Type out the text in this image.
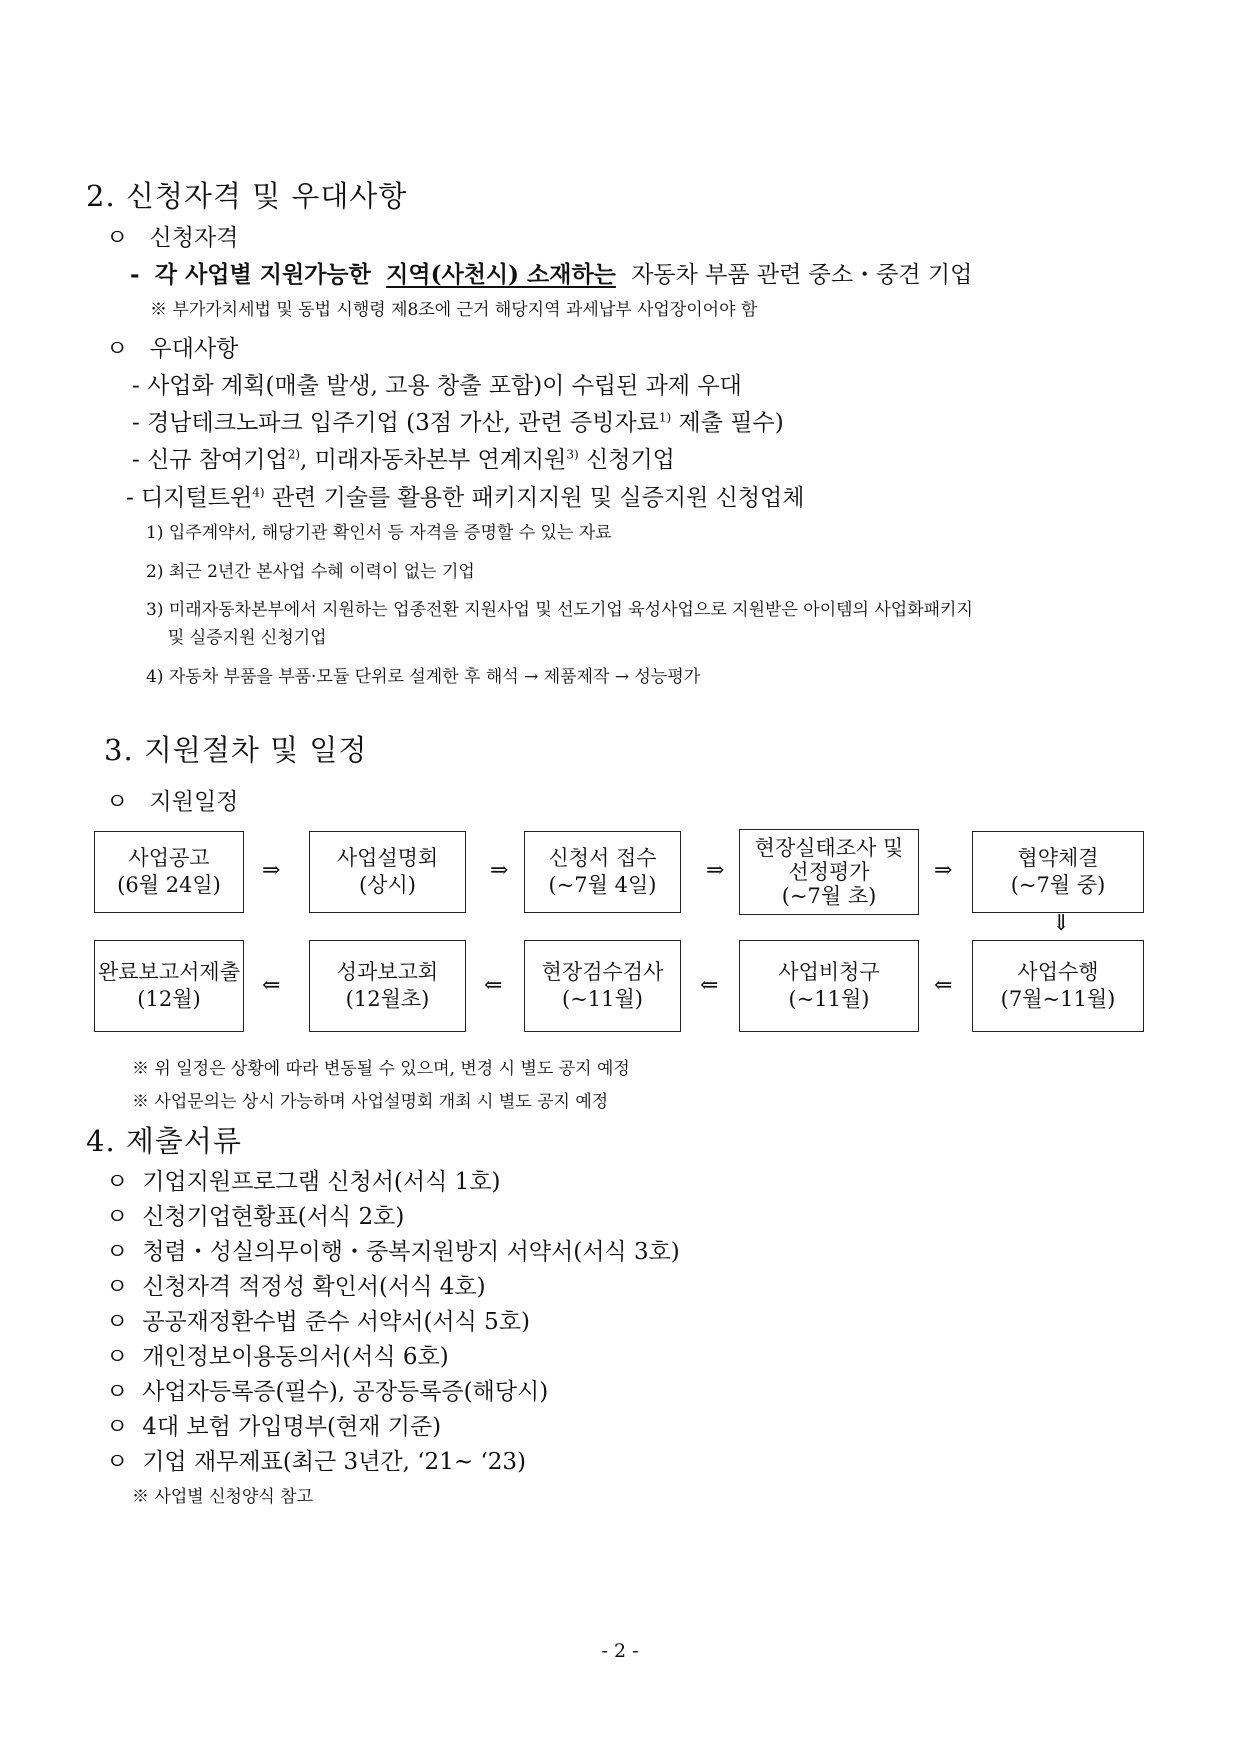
2. 신청자격 및 우대사항
ㅇ 신청자격
- 각 사업별 지원가능한 지역(사천시) 소재하는 자동차 부품 관련 중소・중견 기업
※ 부가가치세법 및 동법 시행령 제8조에 근거 해당지역 과세납부 사업장이어야 함
ㅇ 우대사항
- 사업화 계획(매출 발생, 고용 창출 포함)이 수립된 과제 우대
- 경남테크노파크 입주기업 (3점 가산, 관련 증빙자료$^{1)}$ 제출 필수)
- 신규 참여기업$^{2)}$, 미래자동차본부 연계지원$^{3)}$ 신청기업
- 디지털트윈$^{4)}$ 관련 기술를 활용한 패키지지원 및 실증지원 신청업체
1) 입주계약서, 해당기관 확인서 등 자격을 증명할 수 있는 자료
2) 최근 2년간 본사업 수혜 이력이 없는 기업
3) 미래자동차본부에서 지원하는 업종전환 지원사업 및 선도기업 육성사업으로 지원받은 아이템의 사업화패키지
및 실증지원 신청기업
4) 자동차 부품을 부품·모듈 단위로 설계한 후 해석 → 제품제작 → 성능평가
3. 지원절차 및 일정
ㅇ 지원일정
사업공고
(6월 24일)
⇒	사업설명회
(상시)
⇒ 신청서 접수
(~7월 4일)
⇒
현장실태조사 및
선정평가
(~7월 초)
⇒	협약체결
(~7월 중)
⇓
완료보고서제출
(12월)
⇐
성과보고회
(12월초)
⇐
현장검수검사
(~11월)
⇐
사업비청구
(~11월)
⇐
사업수행
(7월~11월)
※ 위 일정은 상황에 따라 변동될 수 있으며, 변경 시 별도 공지 예정
※ 사업문의는 상시 가능하며 사업설명회 개최 시 별도 공지 예정
4. 제출서류
ㅇ 기업지원프로그램 신청서(서식 1호)
ㅇ 신청기업현황표(서식 2호)
ㅇ 청렴・성실의무이행・중복지원방지 서약서(서식 3호)
ㅇ 신청자격 적정성 확인서(서식 4호)
ㅇ 공공재정환수법 준수 서약서(서식 5호)
ㅇ 개인정보이용동의서(서식 6호)
ㅇ 사업자등록증(필수), 공장등록증(해당시)
ㅇ 4대 보험 가입명부(현재 기준)
ㅇ 기업 재무제표(최근 3년간, ‘21~ ‘23)
※ 사업별 신청양식 참고
- 2 -
